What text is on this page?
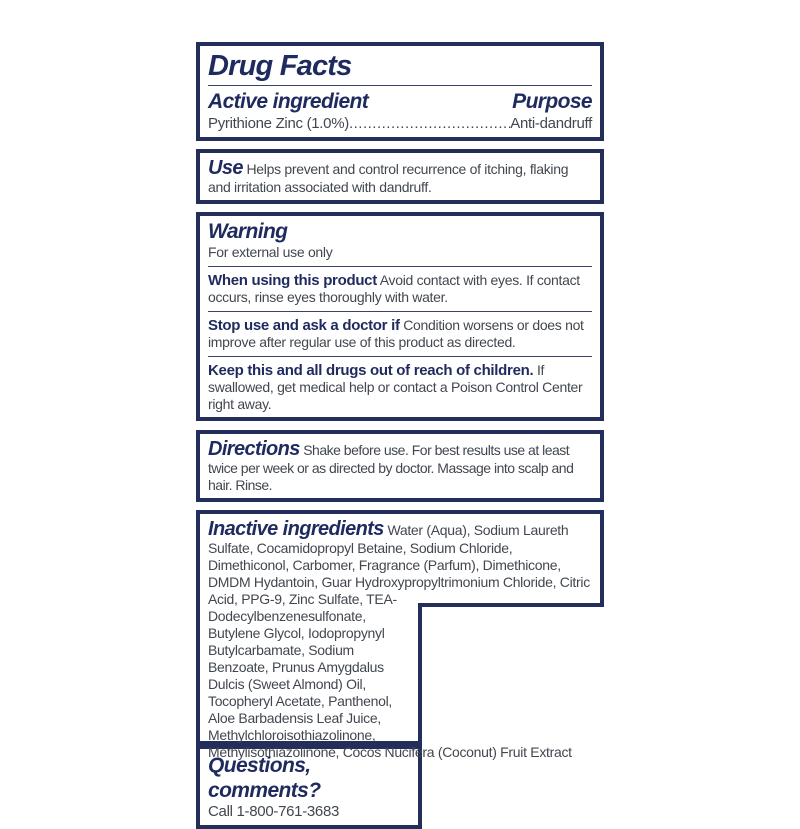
Drug Facts
Active ingredient	Purpose
Pyrithione Zinc (1.0%) .....	Anti-dandruff

Use Helps prevent and control recurrence of itching, flaking and irritation associated with dandruff.

Warning

For external use only

When using this product Avoid contact with eyes. If contact occurs, rinse eyes thoroughly with water.

Stop use and ask a doctor if Condition worsens or does not improve after regular use of this product as directed.

Keep this and all drugs out of reach of children. If swallowed, get medical help or contact a Poison Control Center right away.

Directions Shake before use. For best results use at least twice per week or as directed by doctor. Massage into scalp and hair. Rinse.

Inactive ingredients Water (Aqua), Sodium Laureth Sulfate, Cocamidopropyl Betaine, Sodium Chloride, Dimethiconol, Carbomer, Fragrance (Parfum), Dimethicone, DMDM Hydantoin, Guar Hydroxypropyltrimonium Chloride, Citric Acid, PPG-9, Zinc Sulfate, TEA-Dodecylbenzenesulfonate, Butylene Glycol, Iodopropynyl Butylcarbamate, Sodium Benzoate, Prunus Amygdalus Dulcis (Sweet Almond) Oil, Tocopheryl Acetate, Panthenol, Aloe Barbadensis Leaf Juice, Methylchloroisothiazolinone, Methylisothiazolinone, Cocos Nucifera (Coconut) Fruit Extract

Questions, comments?

Call 1-800-761-3683
